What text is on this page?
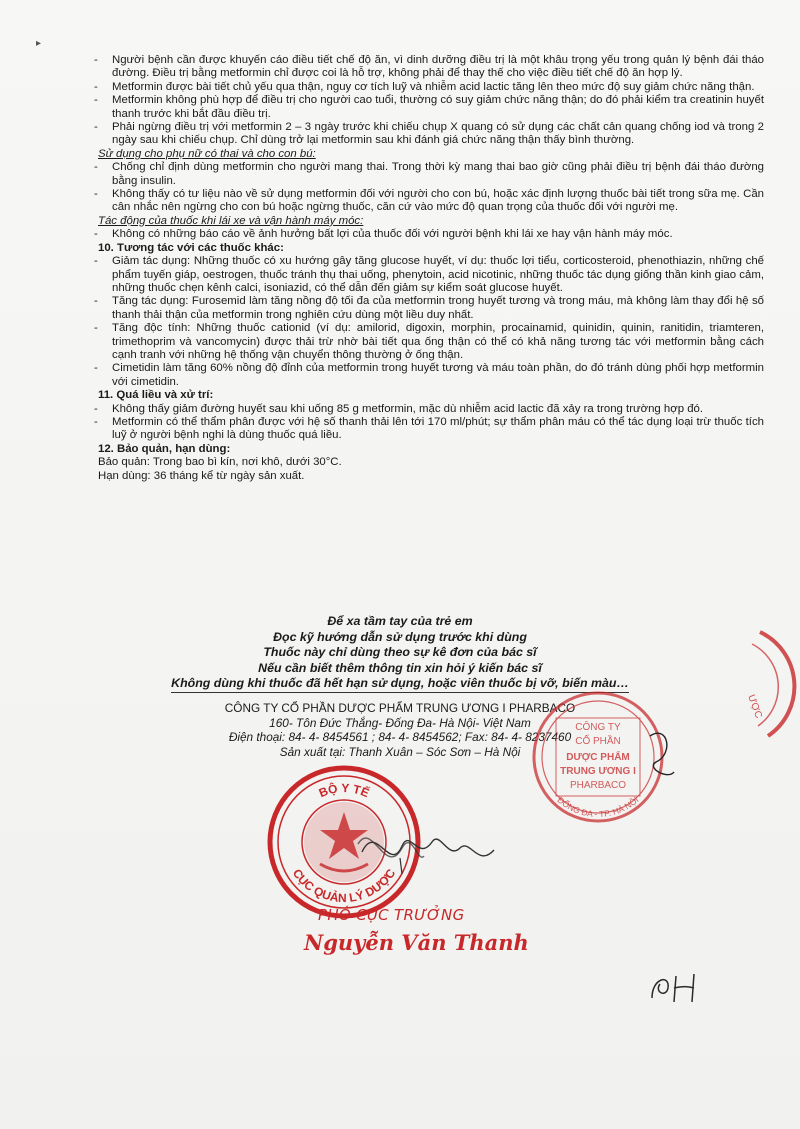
▸
- Người bệnh cần được khuyến cáo điều tiết chế độ ăn, vì dinh dưỡng điều trị là một khâu trọng yếu trong quản lý bệnh đái tháo đường. Điều trị bằng metformin chỉ được coi là hỗ trợ, không phải để thay thế cho việc điều tiết chế độ ăn hợp lý.
- Metformin được bài tiết chủ yếu qua thận, nguy cơ tích luỹ và nhiễm acid lactic tăng lên theo mức độ suy giảm chức năng thận.
- Metformin không phù hợp để điều trị cho người cao tuổi, thường có suy giảm chức năng thận; do đó phải kiểm tra creatinin huyết thanh trước khi bắt đầu điều trị.
- Phải ngừng điều trị với metformin 2 – 3 ngày trước khi chiếu chụp X quang có sử dụng các chất cản quang chống iod và trong 2 ngày sau khi chiếu chụp. Chỉ dùng trở lại metformin sau khi đánh giá chức năng thận thấy bình thường.
Sử dụng cho phụ nữ có thai và cho con bú:
- Chống chỉ định dùng metformin cho người mang thai. Trong thời kỳ mang thai bao giờ cũng phải điều trị bệnh đái tháo đường bằng insulin.
- Không thấy có tư liệu nào về sử dụng metformin đối với người cho con bú, hoặc xác định lượng thuốc bài tiết trong sữa mẹ. Cần cân nhắc nên ngừng cho con bú hoặc ngừng thuốc, căn cứ vào mức độ quan trọng của thuốc đối với người mẹ.
Tác động của thuốc khi lái xe và vận hành máy móc:
- Không có những báo cáo về ảnh hưởng bất lợi của thuốc đối với người bệnh khi lái xe hay vận hành máy móc.
10. Tương tác với các thuốc khác:
- Giảm tác dụng: Những thuốc có xu hướng gây tăng glucose huyết, ví dụ: thuốc lợi tiểu, corticosteroid, phenothiazin, những chế phẩm tuyến giáp, oestrogen, thuốc tránh thụ thai uống, phenytoin, acid nicotinic, những thuốc tác dụng giống thần kinh giao cảm, những thuốc chẹn kênh calci, isoniazid, có thể dẫn đến giảm sự kiểm soát glucose huyết.
- Tăng tác dụng: Furosemid làm tăng nồng độ tối đa của metformin trong huyết tương và trong máu, mà không làm thay đổi hệ số thanh thải thận của metformin trong nghiên cứu dùng một liều duy nhất.
- Tăng độc tính: Những thuốc cationid (ví dụ: amilorid, digoxin, morphin, procainamid, quinidin, quinin, ranitidin, triamteren, trimethoprim và vancomycin) được thải trừ nhờ bài tiết qua ống thận có thể có khả năng tương tác với metformin bằng cách cạnh tranh với những hệ thống vận chuyển thông thường ở ống thận.
- Cimetidin làm tăng 60% nồng độ đỉnh của metformin trong huyết tương và máu toàn phần, do đó tránh dùng phối hợp metformin với cimetidin.
11. Quá liều và xử trí:
- Không thấy giảm đường huyết sau khi uống 85 g metformin, mặc dù nhiễm acid lactic đã xảy ra trong trường hợp đó.
- Metformin có thể thẩm phân được với hệ số thanh thải lên tới 170 ml/phút; sự thẩm phân máu có thể tác dụng loại trừ thuốc tích luỹ ở người bệnh nghi là dùng thuốc quá liều.
12. Bảo quản, hạn dùng:
Bảo quản: Trong bao bì kín, nơi khô, dưới 30°C.
Hạn dùng: 36 tháng kể từ ngày sản xuất.
Để xa tầm tay của trẻ em
Đọc kỹ hướng dẫn sử dụng trước khi dùng
Thuốc này chỉ dùng theo sự kê đơn của bác sĩ
Nếu cần biết thêm thông tin xin hỏi ý kiến bác sĩ
Không dùng khi thuốc đã hết hạn sử dụng, hoặc viên thuốc bị vỡ, biến màu…
CÔNG TY CỔ PHẦN DƯỢC PHẨM TRUNG ƯƠNG I PHARBACO
160- Tôn Đức Thắng- Đống Đa- Hà Nội- Việt Nam
Điện thoại: 84- 4- 8454561 ; 84- 4- 8454562; Fax: 84- 4- 8237460
Sản xuất tại: Thanh Xuân – Sóc Sơn – Hà Nội
CÔNG TY
CỔ PHẦN
DƯỢC PHẨM
TRUNG ƯƠNG I
PHARBACO
ĐỐNG ĐA - TP. HÀ NỘI
ƯỢC
BỘ Y TẾ
CỤC QUẢN LÝ DƯỢC
PHÓ CỤC TRƯỞNG
Nguyễn Văn Thanh
PH
